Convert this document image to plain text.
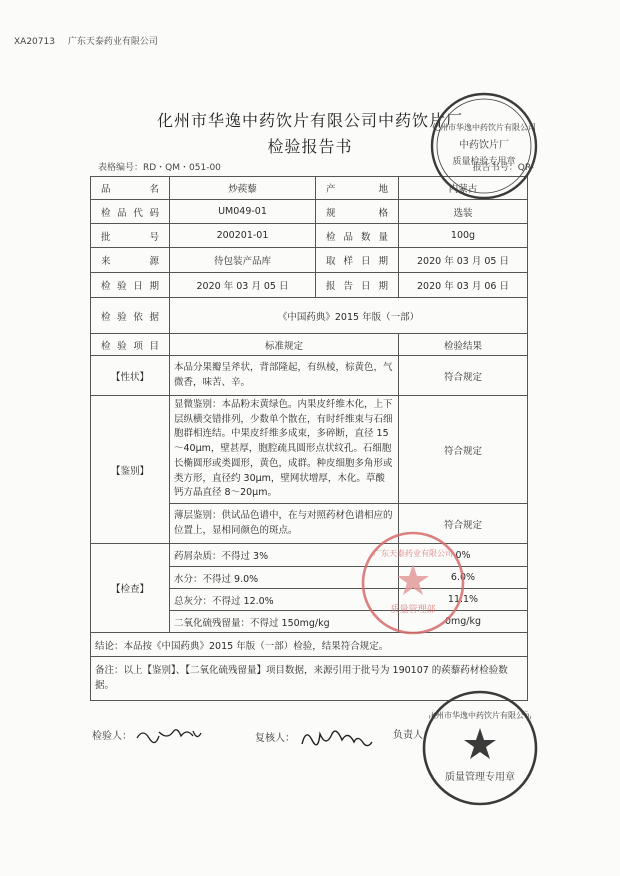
XA20713 广东天泰药业有限公司
化州市华逸中药饮片有限公司中药饮片厂
检验报告书
表格编号：RD・QM・051-00	报告书号：QR-
品　　名	炒蒺藜	产　　地	内蒙古
检品代码	UM049-01	规　　格	选装
批　　号	200201-01	检品数量	100g
来　　源	待包装产品库	取样日期	2020 年 03 月 05 日
检验日期	2020 年 03 月 05 日	报告日期	2020 年 03 月 06 日
检验依据	《中国药典》2015 年版（一部）		
检验项目	标准规定		检验结果
【性状】	本品分果瓣呈斧状，背部隆起，有纵棱，棕黄色，气微香，味苦、辛。		符合规定
【鉴别】	显微鉴别：本品粉末黄绿色。内果皮纤维木化，上下层纵横交错排列，少数单个散在，有时纤维束与石细胞群相连结。中果皮纤维多成束，多碎断，直径 15～40μm，壁甚厚，胞腔疏具圆形点状纹孔。石细胞长椭圆形或类圆形，黄色，成群。种皮细胞多角形或类方形，直径约 30μm，壁网状增厚，木化。草酸钙方晶直径 8～20μm。		符合规定
	薄层鉴别：供试品色谱中，在与对照药材色谱相应的位置上，显相同颜色的斑点。		符合规定
【检查】	药屑杂质：不得过 3%		0%
	水分：不得过 9.0%		6.0%
	总灰分：不得过 12.0%		11.1%
	二氧化硫残留量：不得过 150mg/kg		0mg/kg
结论：本品按《中国药典》2015 年版（一部）检验，结果符合规定。			
备注：以上【鉴别】、【二氧化硫残留量】项目数据，来源引用于批号为 190107 的蒺藜药材检验数据。			
检验人：	复核人：	负责人：
化州市华逸中药饮片有限公司
中药饮片厂
质量检验专用章
广东天泰药业有限公司
质量管理部
化州市华逸中药饮片有限公司
质量管理专用章
